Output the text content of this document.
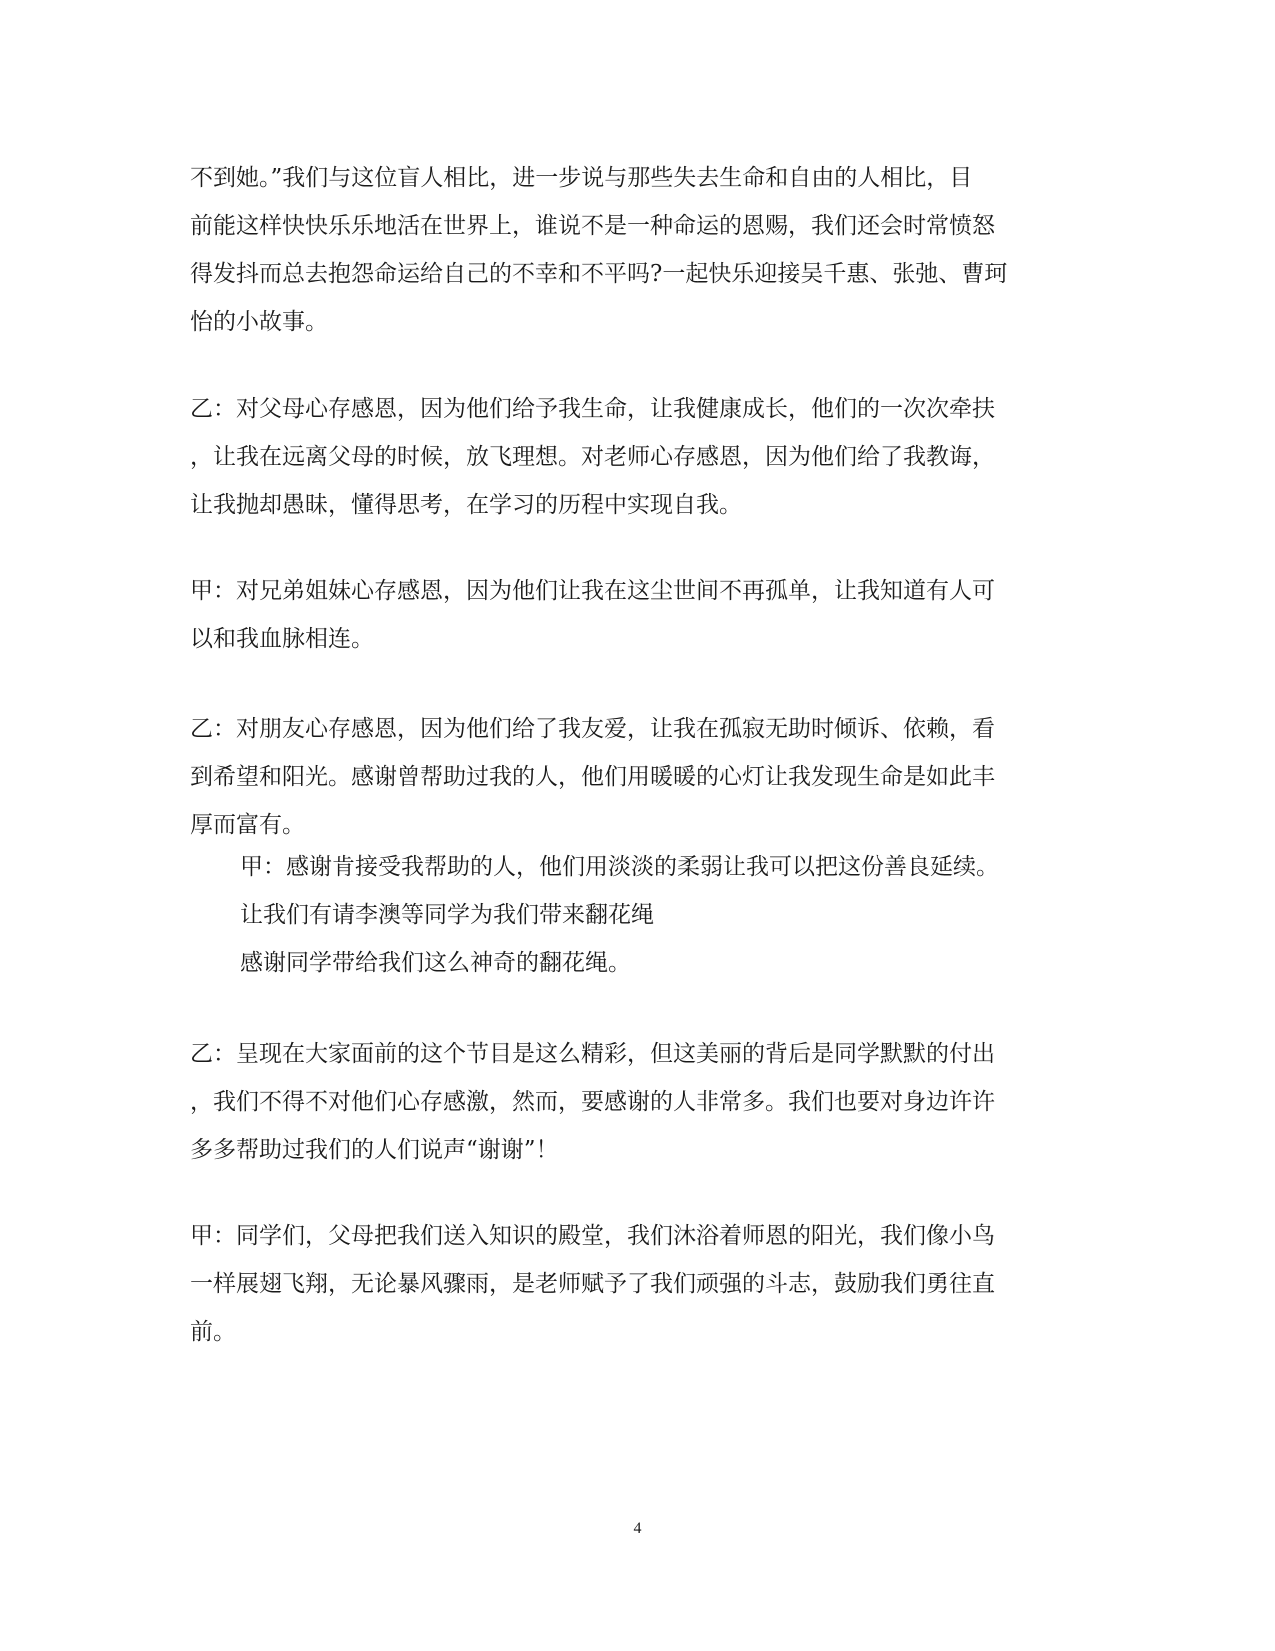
不到她。”我们与这位盲人相比，进一步说与那些失去生命和自由的人相比，目
前能这样快快乐乐地活在世界上，谁说不是一种命运的恩赐，我们还会时常愤怒
得发抖而总去抱怨命运给自己的不幸和不平吗?一起快乐迎接吴千惠、张弛、曹珂
怡的小故事。
乙：对父母心存感恩，因为他们给予我生命，让我健康成长，他们的一次次牵扶
，让我在远离父母的时候，放飞理想。对老师心存感恩，因为他们给了我教诲，
让我抛却愚昧，懂得思考，在学习的历程中实现自我。
甲：对兄弟姐妹心存感恩，因为他们让我在这尘世间不再孤单，让我知道有人可
以和我血脉相连。
乙：对朋友心存感恩，因为他们给了我友爱，让我在孤寂无助时倾诉、依赖，看
到希望和阳光。感谢曾帮助过我的人，他们用暖暖的心灯让我发现生命是如此丰
厚而富有。
甲：感谢肯接受我帮助的人，他们用淡淡的柔弱让我可以把这份善良延续。
让我们有请李澳等同学为我们带来翻花绳
感谢同学带给我们这么神奇的翻花绳。
乙：呈现在大家面前的这个节目是这么精彩，但这美丽的背后是同学默默的付出
，我们不得不对他们心存感激，然而，要感谢的人非常多。我们也要对身边许许
多多帮助过我们的人们说声“谢谢”！
甲：同学们，父母把我们送入知识的殿堂，我们沐浴着师恩的阳光，我们像小鸟
一样展翅飞翔，无论暴风骤雨，是老师赋予了我们顽强的斗志，鼓励我们勇往直
前。
4
